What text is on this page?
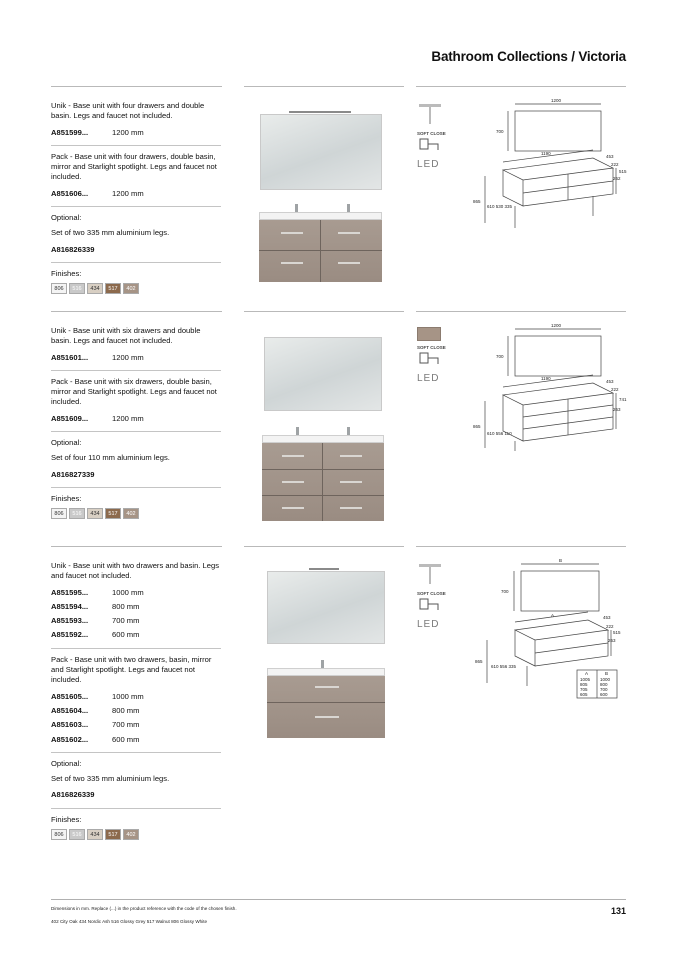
Bathroom Collections / Victoria

Unik - Base unit with four drawers and double basin. Legs and faucet not included.

A851599...	1200 mm

Pack - Base unit with four drawers, double basin, mirror and Starlight spotlight. Legs and faucet not included.

A851606...	1200 mm

Optional:

Set of two 335 mm aluminium legs.

A816826339

Finishes:

806	516	434	517	402
SOFT CLOSE
LED
1200
700
1190
453
222
515
262
865
610 530 335

Unik - Base unit with six drawers and double basin. Legs and faucet not included.

A851601...	1200 mm

Pack - Base unit with six drawers, double basin, mirror and Starlight spotlight. Legs and faucet not included.

A851609...	1200 mm

Optional:

Set of four 110 mm aluminium legs.

A816827339

Finishes:

806	516	434	517	402
SOFT CLOSE
LED
1200
700
1190
453
222
741
263
865
610 556 110

Unik - Base unit with two drawers and basin. Legs and faucet not included.

A851595...	1000 mm
A851594...	800 mm
A851593...	700 mm
A851592...	600 mm

Pack - Base unit with two drawers, basin, mirror and Starlight spotlight. Legs and faucet not included.

A851605...	1000 mm
A851604...	800 mm
A851603...	700 mm
A851602...	600 mm

Optional:

Set of two 335 mm aluminium legs.

A816826339

Finishes:

806	516	434	517	402
SOFT CLOSE
LED
B
700
A	453
222
515
263
865
610 556 335
A	B
1005 1000
805	800
705	700
605	600
Dimensions in mm. Replace (...) in the product reference with the code of the chosen finish.
402 City Oak 434 Nordic Ash 516 Glossy Grey 517 Walnut 806 Glossy White
131
